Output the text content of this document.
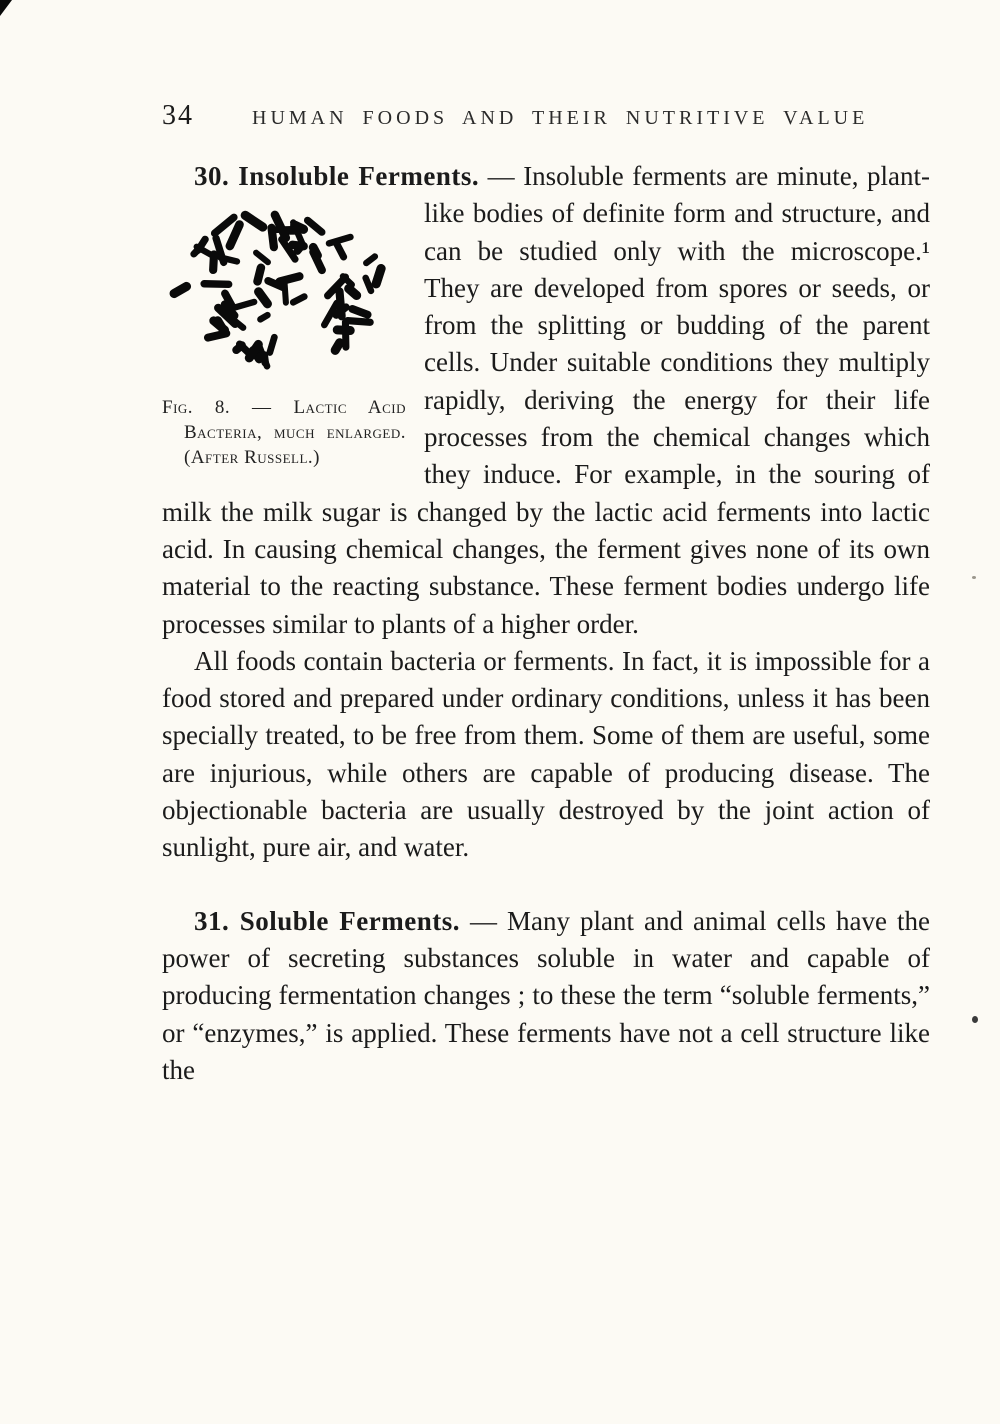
34	HUMAN FOODS AND THEIR NUTRITIVE VALUE

30. Insoluble Ferments. — Insoluble ferments are minute, plant-like bodies of definite form and structure, and
Fig. 8. — Lactic Acid Bacteria, much enlarged. (After Russell.)
can be studied only with the microscope.¹ They are developed from spores or seeds, or from the splitting or budding of the parent cells. Under suitable conditions they multiply rapidly, deriving the energy for their life processes from the chemical changes which they induce. For example, in the souring of milk the milk sugar is changed by the lactic acid ferments into lactic acid. In causing chemical changes, the ferment gives none of its own material to the reacting substance. These ferment bodies undergo life processes similar to plants of a higher order.

All foods contain bacteria or ferments. In fact, it is impossible for a food stored and prepared under ordinary conditions, unless it has been specially treated, to be free from them. Some of them are useful, some are injurious, while others are capable of producing disease. The objectionable bacteria are usually destroyed by the joint action of sunlight, pure air, and water.

31. Soluble Ferments. — Many plant and animal cells have the power of secreting substances soluble in water and capable of producing fermentation changes ; to these the term “soluble ferments,” or “enzymes,” is applied. These ferments have not a cell structure like the
